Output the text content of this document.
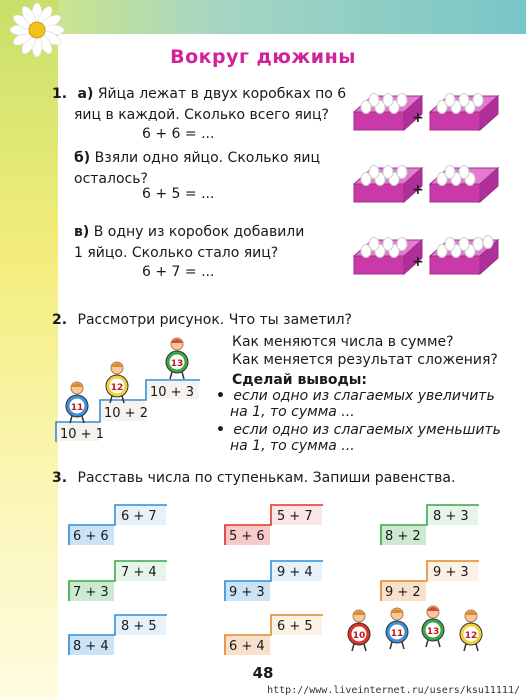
Вокруг дюжины
1. а) Яйца лежат в двух коробках по 6
яиц в каждой. Сколько всего яиц?
6 + 6 = ...
б) Взяли одно яйцо. Сколько яиц
осталось?
6 + 5 = ...
в) В одну из коробок добавили
1 яйцо. Сколько стало яиц?
6 + 7 = ...
+
+
+
2. Рассмотри рисунок. Что ты заметил?
Как меняются числа в сумме?
Как меняется результат сложения?
Сделай выводы:
• если одно из слагаемых увеличить
на 1, то сумма ...
• если одно из слагаемых уменьшить
на 1, то сумма ...
10 + 1
10 + 2
10 + 3
11
12
13
3. Расставь числа по ступенькам. Запиши равенства.
6 + 6
6 + 7
5 + 6
5 + 7
8 + 2
8 + 3
7 + 3
7 + 4
9 + 3
9 + 4
9 + 2
9 + 3
8 + 4
8 + 5
6 + 4
6 + 5
10	11	13	12
48
http://www.liveinternet.ru/users/ksu11111/
